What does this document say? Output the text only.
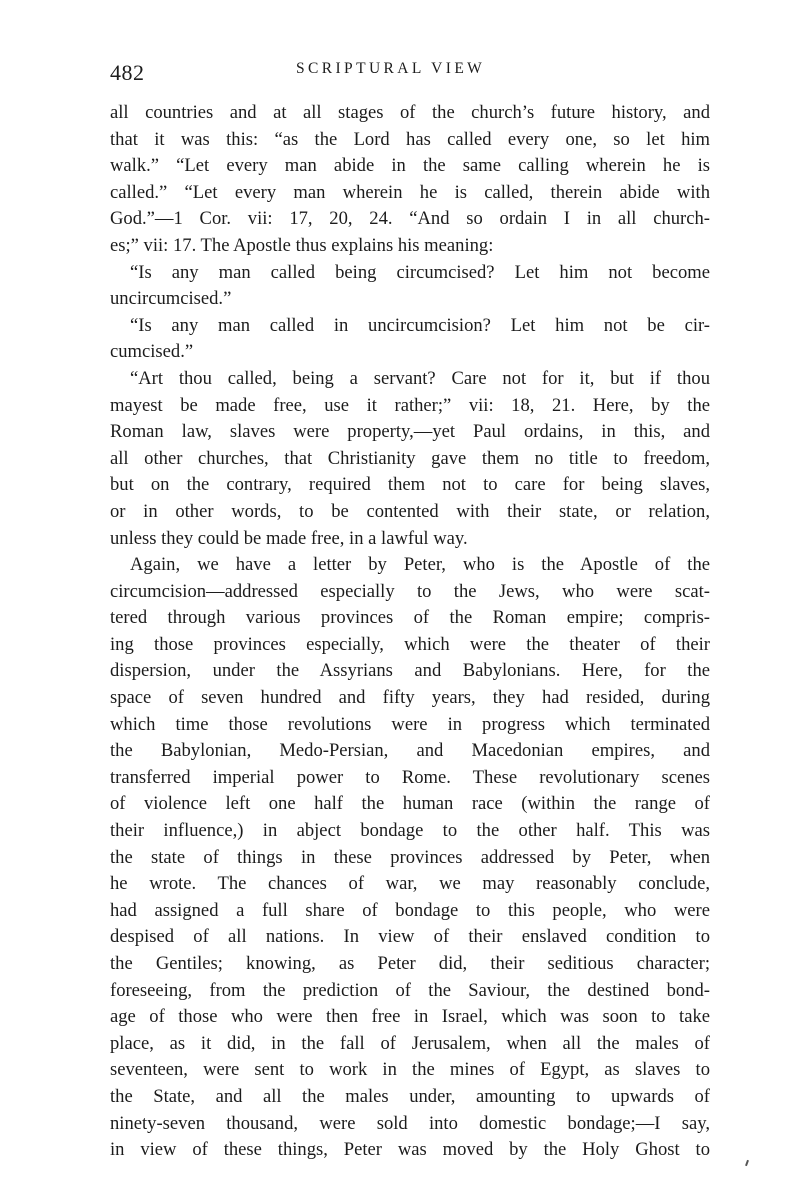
482	SCRIPTURAL VIEW
all countries and at all stages of the church’s future history, and
that it was this: “as the Lord has called every one, so let him
walk.” “Let every man abide in the same calling wherein he is
called.” “Let every man wherein he is called, therein abide with
God.”—1 Cor. vii: 17, 20, 24. “And so ordain I in all church-
es;” vii: 17. The Apostle thus explains his meaning:
“Is any man called being circumcised? Let him not become
uncircumcised.”
“Is any man called in uncircumcision? Let him not be cir-
cumcised.”
“Art thou called, being a servant? Care not for it, but if thou
mayest be made free, use it rather;” vii: 18, 21. Here, by the
Roman law, slaves were property,—yet Paul ordains, in this, and
all other churches, that Christianity gave them no title to freedom,
but on the contrary, required them not to care for being slaves,
or in other words, to be contented with their state, or relation,
unless they could be made free, in a lawful way.
Again, we have a letter by Peter, who is the Apostle of the
circumcision—addressed especially to the Jews, who were scat-
tered through various provinces of the Roman empire; compris-
ing those provinces especially, which were the theater of their
dispersion, under the Assyrians and Babylonians. Here, for the
space of seven hundred and fifty years, they had resided, during
which time those revolutions were in progress which terminated
the Babylonian, Medo-Persian, and Macedonian empires, and
transferred imperial power to Rome. These revolutionary scenes
of violence left one half the human race (within the range of
their influence,) in abject bondage to the other half. This was
the state of things in these provinces addressed by Peter, when
he wrote. The chances of war, we may reasonably conclude,
had assigned a full share of bondage to this people, who were
despised of all nations. In view of their enslaved condition to
the Gentiles; knowing, as Peter did, their seditious character;
foreseeing, from the prediction of the Saviour, the destined bond-
age of those who were then free in Israel, which was soon to take
place, as it did, in the fall of Jerusalem, when all the males of
seventeen, were sent to work in the mines of Egypt, as slaves to
the State, and all the males under, amounting to upwards of
ninety-seven thousand, were sold into domestic bondage;—I say,
in view of these things, Peter was moved by the Holy Ghost to
